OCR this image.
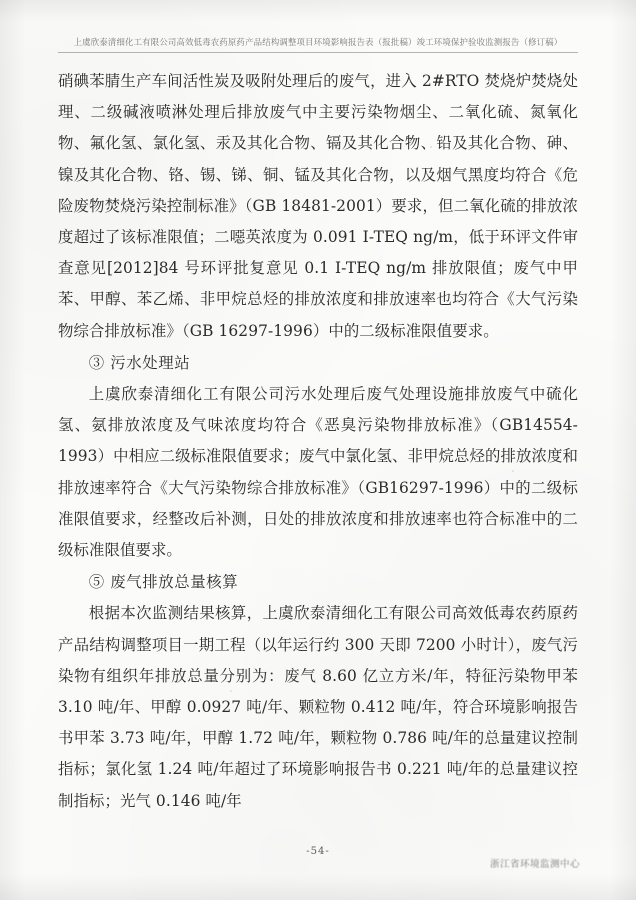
上虞欣泰清细化工有限公司高效低毒农药原药产品结构调整项目环境影响报告表（报批稿）竣工环境保护验收监测报告（修订稿）

硝碘苯腈生产车间活性炭及吸附处理后的废气，进入 2#RTO 焚烧炉焚烧处理、二级碱液喷淋处理后排放废气中主要污染物烟尘、二氧化硫、氮氧化物、氟化氢、氯化氢、汞及其化合物、镉及其化合物、铅及其化合物、砷、镍及其化合物、铬、锡、锑、铜、锰及其化合物，以及烟气黑度均符合《危险废物焚烧污染控制标准》（GB 18481-2001）要求，但二氧化硫的排放浓度超过了该标准限值；二噁英浓度为 0.091 I-TEQ ng/m，低于环评文件审查意见[2012]84 号环评批复意见 0.1 I-TEQ ng/m 排放限值；废气中甲苯、甲醇、苯乙烯、非甲烷总烃的排放浓度和排放速率也均符合《大气污染物综合排放标准》（GB 16297-1996）中的二级标准限值要求。

③ 污水处理站

上虞欣泰清细化工有限公司污水处理后废气处理设施排放废气中硫化氢、氨排放浓度及气味浓度均符合《恶臭污染物排放标准》（GB14554-1993）中相应二级标准限值要求；废气中氯化氢、非甲烷总烃的排放浓度和排放速率符合《大气污染物综合排放标准》（GB16297-1996）中的二级标准限值要求，经整改后补测，日处的排放浓度和排放速率也符合标准中的二级标准限值要求。

⑤ 废气排放总量核算

根据本次监测结果核算，上虞欣泰清细化工有限公司高效低毒农药原药产品结构调整项目一期工程（以年运行约 300 天即 7200 小时计），废气污染物有组织年排放总量分别为：废气 8.60 亿立方米/年，特征污染物甲苯 3.10 吨/年、甲醇 0.0927 吨/年、颗粒物 0.412 吨/年，符合环境影响报告书甲苯 3.73 吨/年，甲醇 1.72 吨/年，颗粒物 0.786 吨/年的总量建议控制指标；氯化氢 1.24 吨/年超过了环境影响报告书 0.221 吨/年的总量建议控制指标；光气 0.146 吨/年

-54-
浙江省环境监测中心
